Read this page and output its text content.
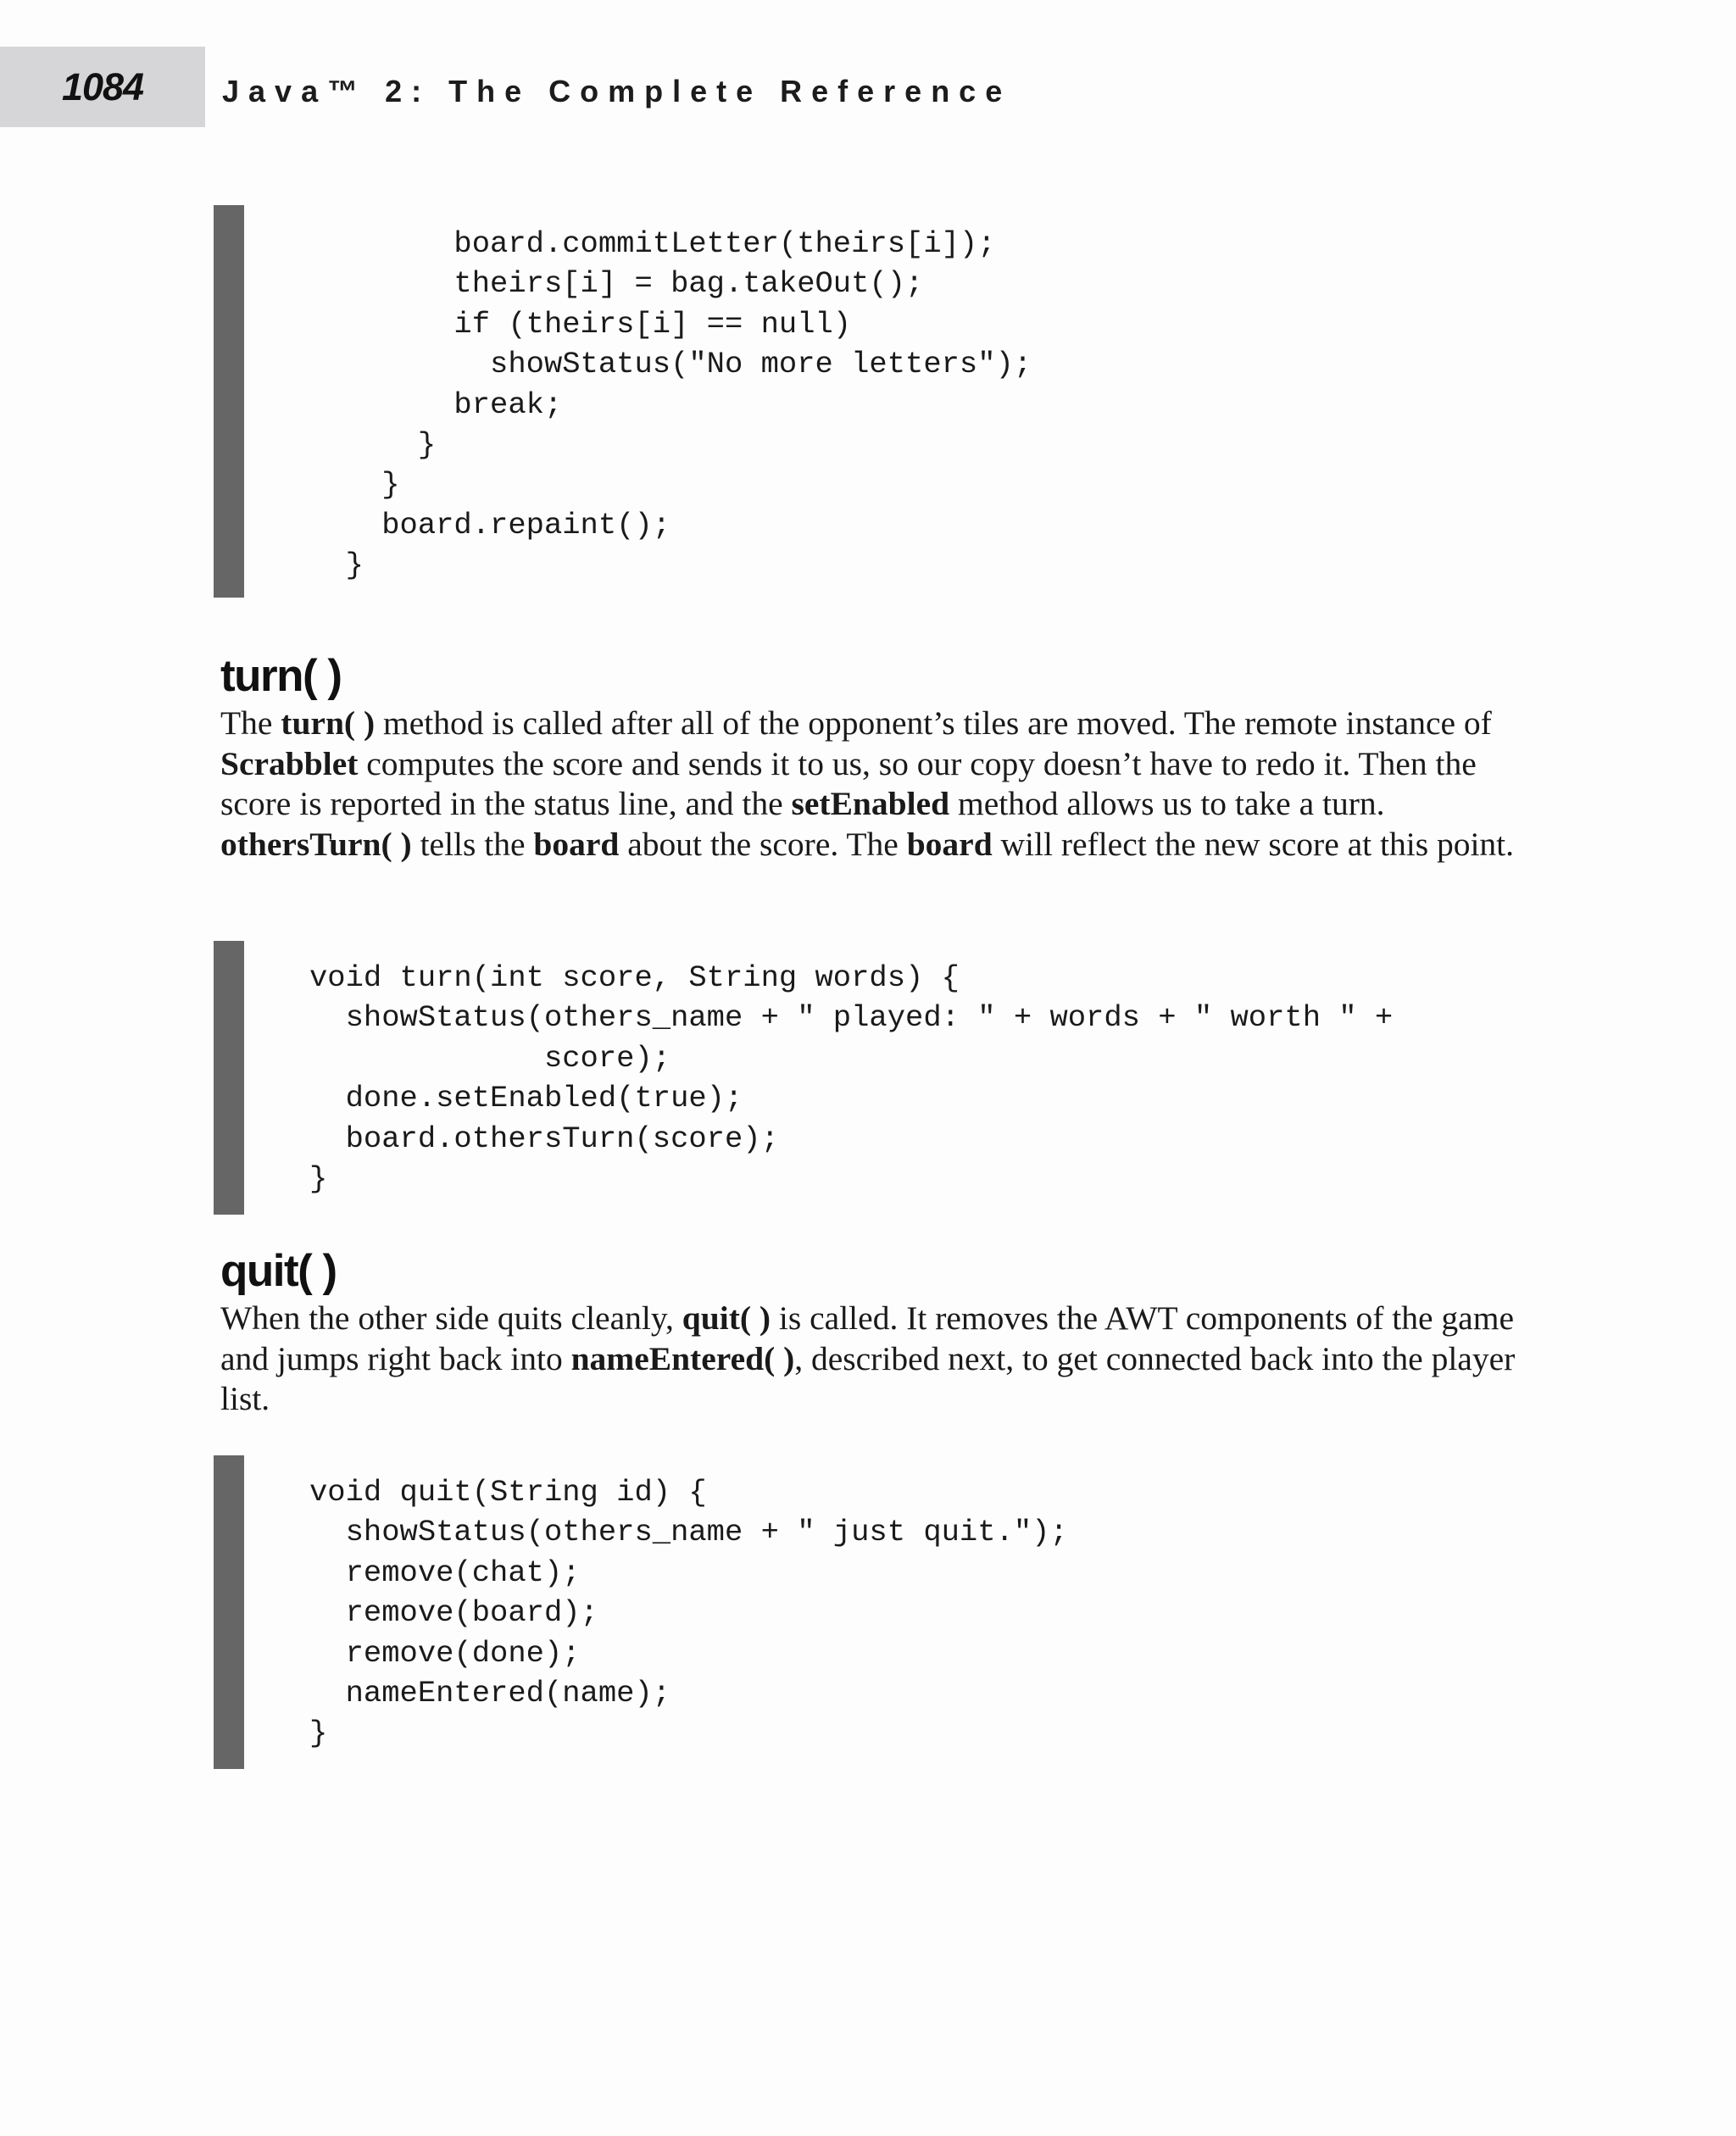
1084	Java™ 2: The Complete Reference
board.commitLetter(theirs[i]);
theirs[i] = bag.takeOut();
if (theirs[i] == null)
showStatus("No more letters");
break;
}
}
board.repaint();
}
turn( )

The turn( ) method is called after all of the opponent’s tiles are moved. The remote instance of Scrabblet computes the score and sends it to us, so our copy doesn’t have to redo it. Then the score is reported in the status line, and the setEnabled method allows us to take a turn. othersTurn( ) tells the board about the score. The board will reflect the new score at this point.

void turn(int score, String words) {
showStatus(others_name + " played: " + words + " worth " +
score);
done.setEnabled(true);
board.othersTurn(score);
}
quit( )

When the other side quits cleanly, quit( ) is called. It removes the AWT components of the game and jumps right back into nameEntered( ), described next, to get connected back into the player list.

void quit(String id) {
showStatus(others_name + " just quit.");
remove(chat);
remove(board);
remove(done);
nameEntered(name);
}
